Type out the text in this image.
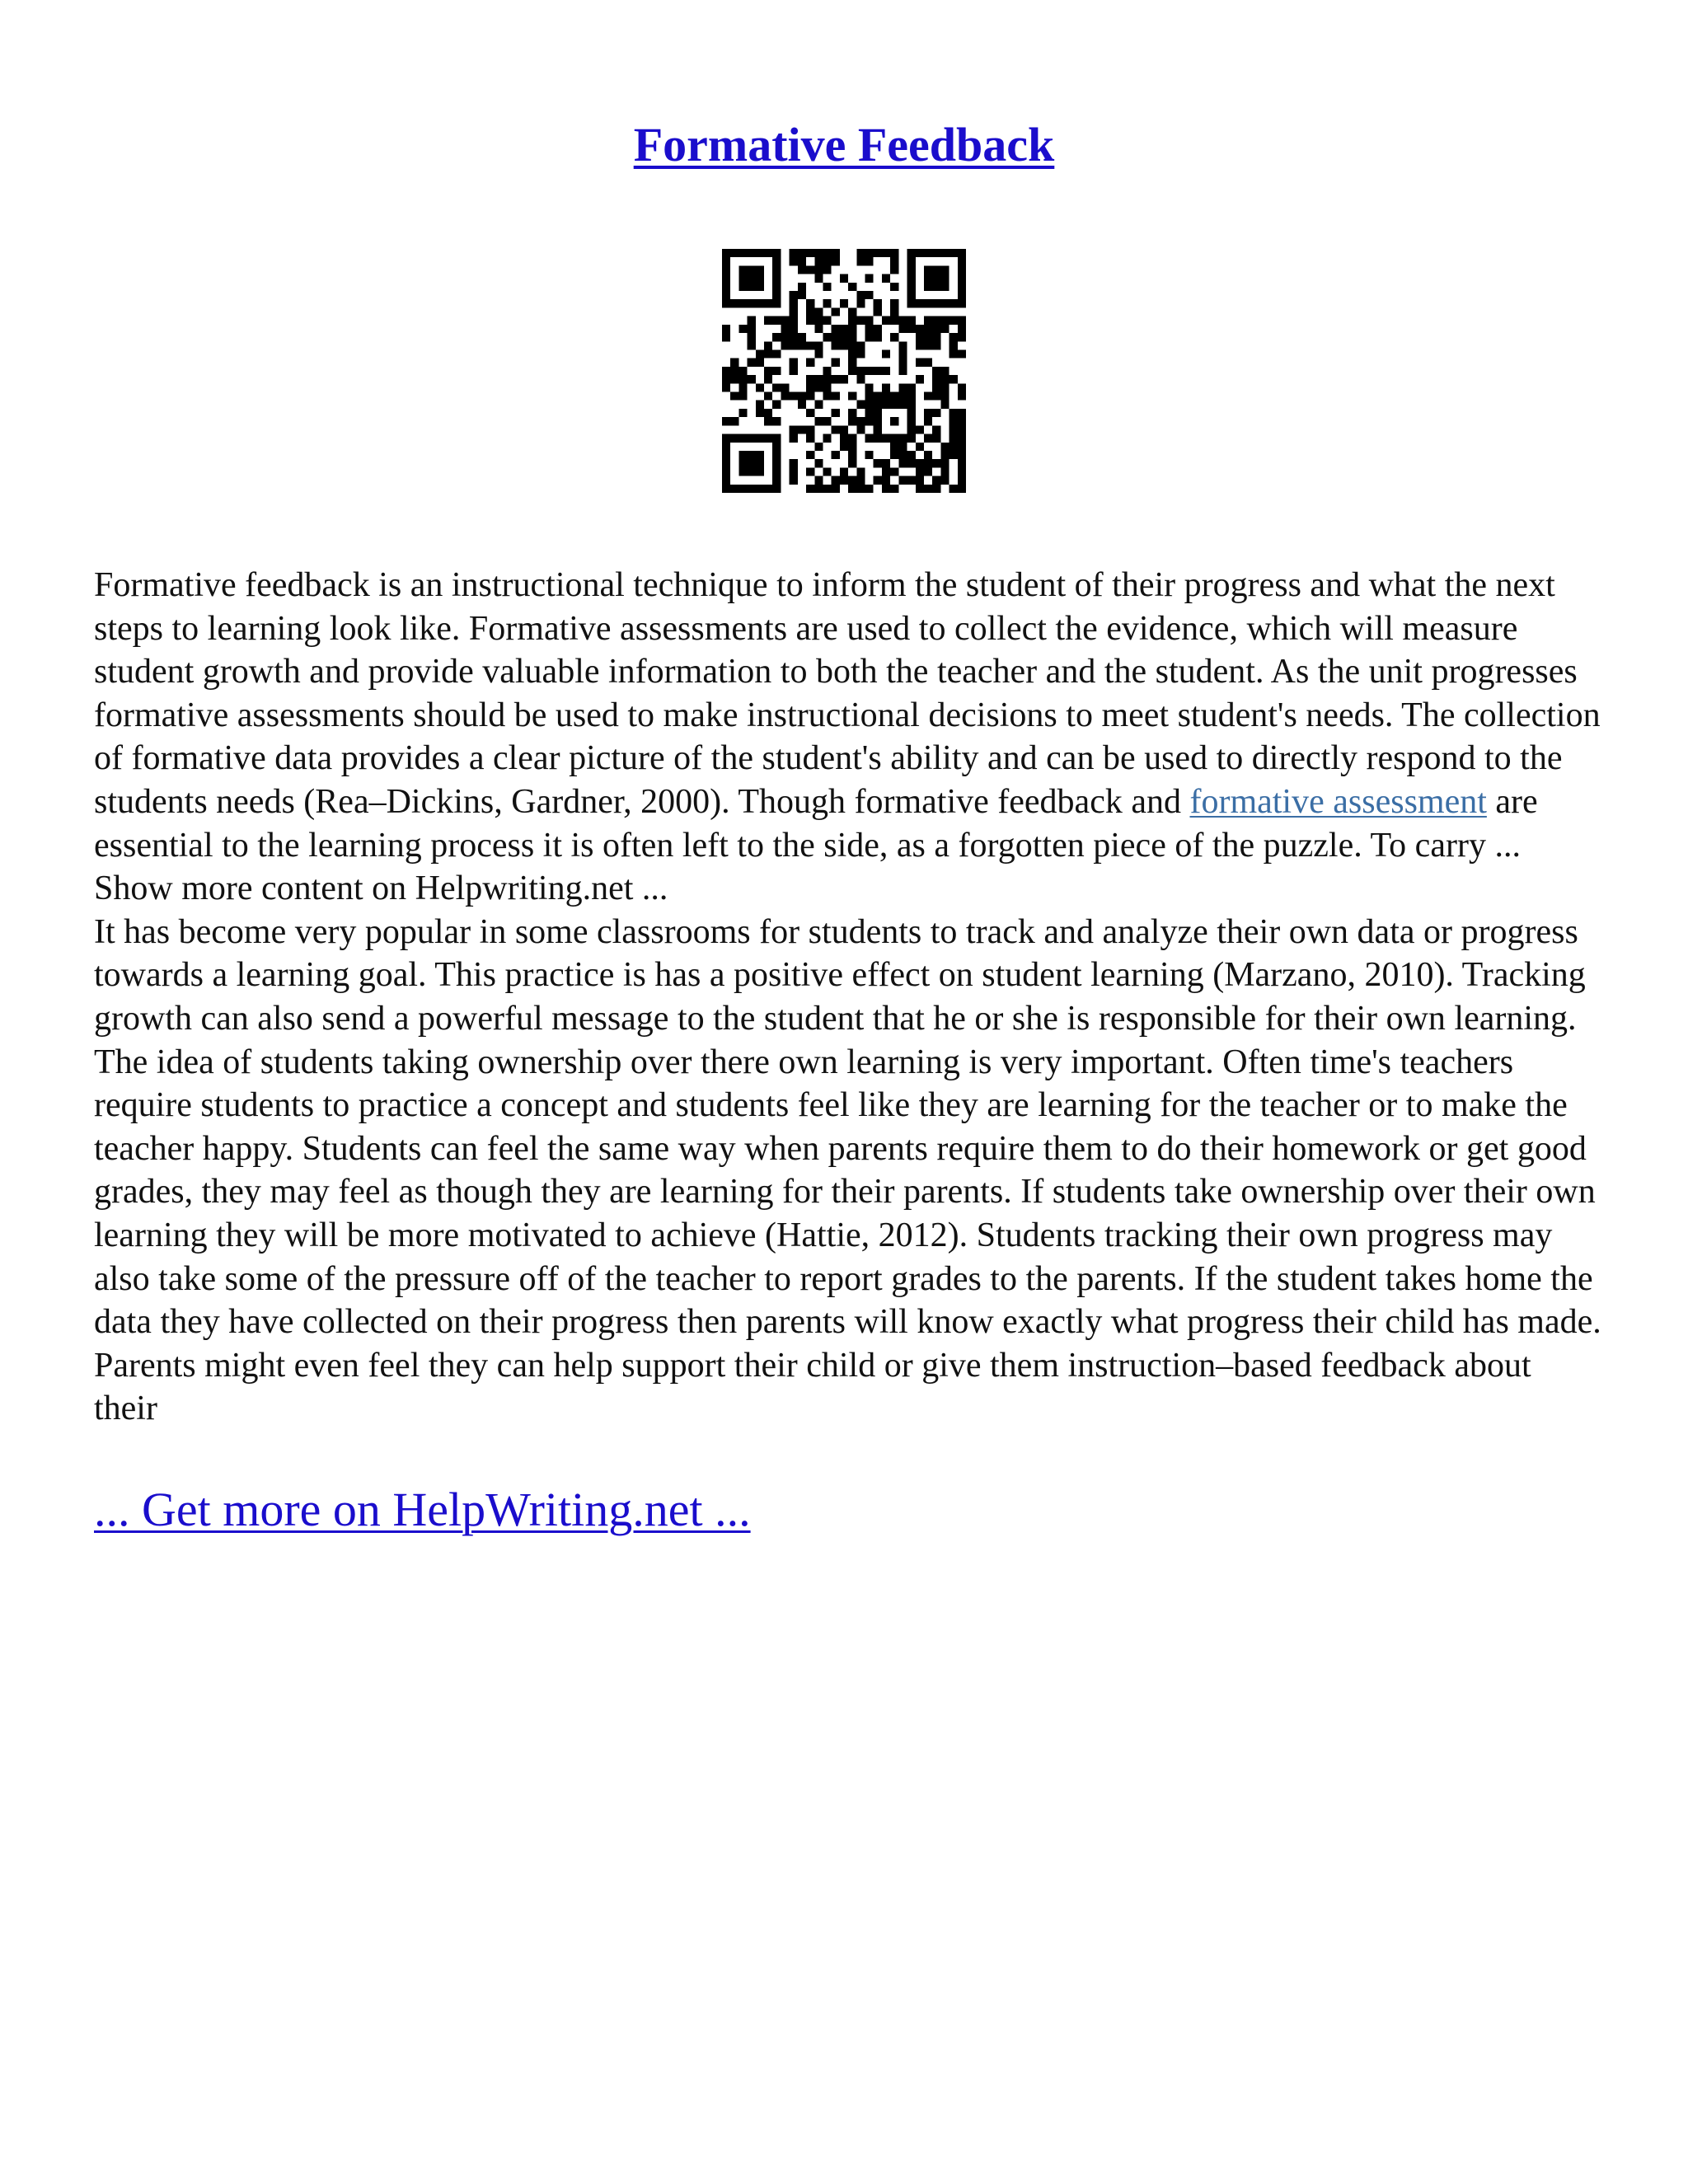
Formative Feedback

Formative feedback is an instructional technique to inform the student of their progress and what the next steps to learning look like. Formative assessments are used to collect the evidence, which will measure student growth and provide valuable information to both the teacher and the student. As the unit progresses formative assessments should be used to make instructional decisions to meet student's needs. The collection of formative data provides a clear picture of the student's ability and can be used to directly respond to the students needs (Rea–Dickins, Gardner, 2000). Though formative feedback and formative assessment are essential to the learning process it is often left to the side, as a forgotten piece of the puzzle. To carry ... Show more content on Helpwriting.net ...

It has become very popular in some classrooms for students to track and analyze their own data or progress towards a learning goal. This practice is has a positive effect on student learning (Marzano, 2010). Tracking growth can also send a powerful message to the student that he or she is responsible for their own learning. The idea of students taking ownership over there own learning is very important. Often time's teachers require students to practice a concept and students feel like they are learning for the teacher or to make the teacher happy. Students can feel the same way when parents require them to do their homework or get good grades, they may feel as though they are learning for their parents. If students take ownership over their own learning they will be more motivated to achieve (Hattie, 2012). Students tracking their own progress may also take some of the pressure off of the teacher to report grades to the parents. If the student takes home the data they have collected on their progress then parents will know exactly what progress their child has made. Parents might even feel they can help support their child or give them instruction–based feedback about their

... Get more on HelpWriting.net ...
